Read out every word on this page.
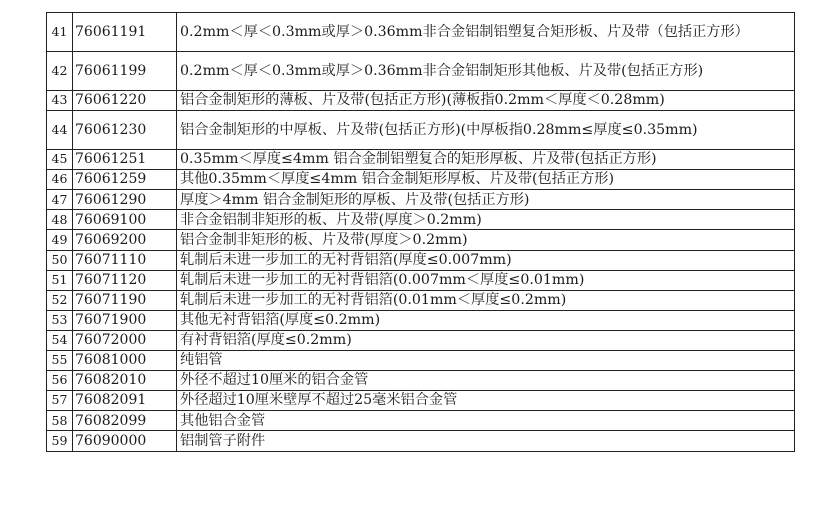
41	76061191	0.2mm＜厚＜0.3mm或厚＞0.36mm非合金铝制铝塑复合矩形板、片及带（包括正方形）
42	76061199	0.2mm＜厚＜0.3mm或厚＞0.36mm非合金铝制矩形其他板、片及带(包括正方形)
43	76061220	铝合金制矩形的薄板、片及带(包括正方形)(薄板指0.2mm＜厚度＜0.28mm)
44	76061230	铝合金制矩形的中厚板、片及带(包括正方形)(中厚板指0.28mm≤厚度≤0.35mm)
45	76061251	0.35mm＜厚度≤4mm 铝合金制铝塑复合的矩形厚板、片及带(包括正方形)
46	76061259	其他0.35mm＜厚度≤4mm 铝合金制矩形厚板、片及带(包括正方形)
47	76061290	厚度＞4mm 铝合金制矩形的厚板、片及带(包括正方形)
48	76069100	非合金铝制非矩形的板、片及带(厚度＞0.2mm)
49	76069200	铝合金制非矩形的板、片及带(厚度＞0.2mm)
50	76071110	轧制后未进一步加工的无衬背铝箔(厚度≤0.007mm)
51	76071120	轧制后未进一步加工的无衬背铝箔(0.007mm＜厚度≤0.01mm)
52	76071190	轧制后未进一步加工的无衬背铝箔(0.01mm＜厚度≤0.2mm)
53	76071900	其他无衬背铝箔(厚度≤0.2mm)
54	76072000	有衬背铝箔(厚度≤0.2mm)
55	76081000	纯铝管
56	76082010	外径不超过10厘米的铝合金管
57	76082091	外径超过10厘米壁厚不超过25毫米铝合金管
58	76082099	其他铝合金管
59	76090000	铝制管子附件
